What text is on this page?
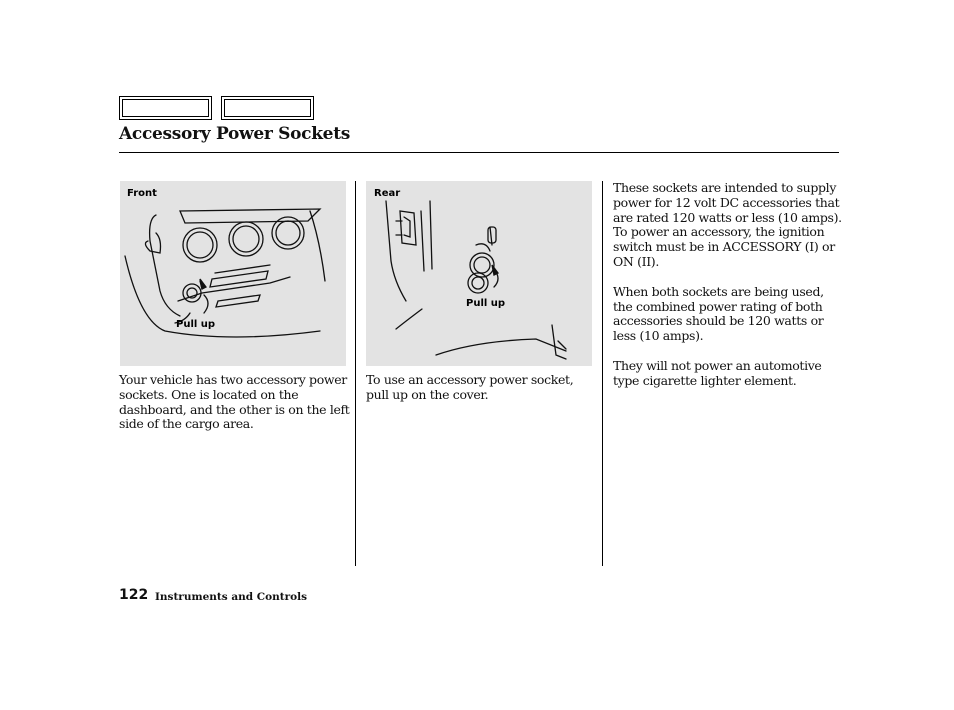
Accessory Power Sockets
Front
Pull up
Rear
Pull up

Your vehicle has two accessory power sockets. One is located on the dashboard, and the other is on the left side of the cargo area.

To use an accessory power socket, pull up on the cover.

These sockets are intended to supply power for 12 volt DC accessories that are rated 120 watts or less (10 amps). To power an accessory, the ignition switch must be in ACCESSORY (I) or ON (II).

When both sockets are being used, the combined power rating of both accessories should be 120 watts or less (10 amps).

They will not power an automotive type cigarette lighter element.

122 Instruments and Controls
